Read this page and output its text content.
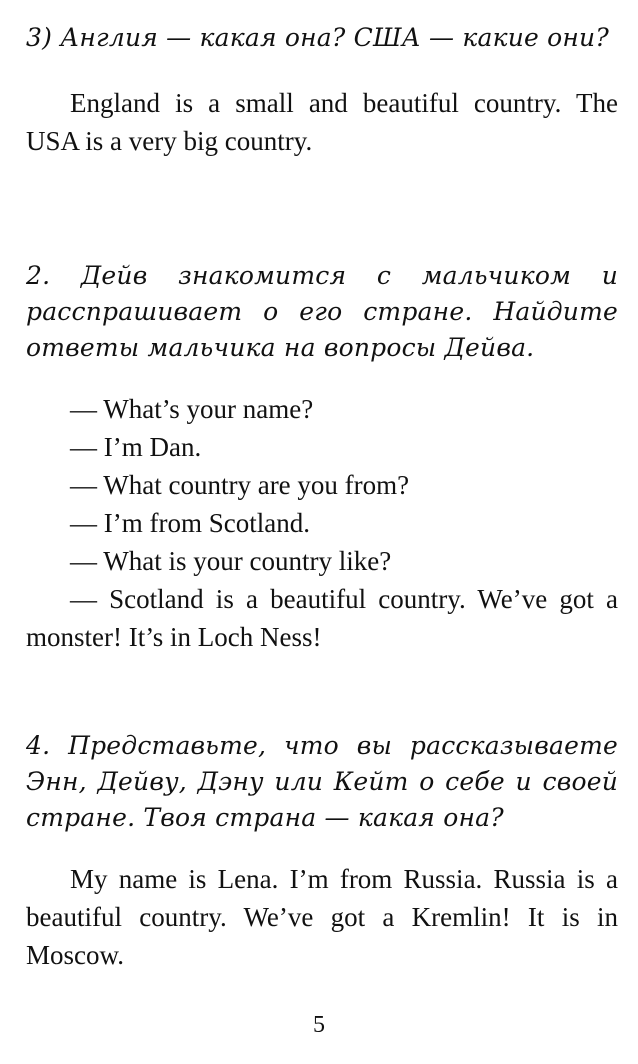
3) Англия — какая она? США — какие они?
England is a small and beautiful country. The USA is a very big country.
2. Дейв знакомится с мальчиком и расспрашивает о его стране. Найдите ответы мальчика на вопросы Дейва.
— What’s your name?
— I’m Dan.
— What country are you from?
— I’m from Scotland.
— What is your country like?
— Scotland is a beautiful country. We’ve got a monster! It’s in Loch Ness!
4. Представьте, что вы рассказываете Энн, Дейву, Дэну или Кейт о себе и своей стране. Твоя страна — какая она?
My name is Lena. I’m from Russia. Russia is a beautiful country. We’ve got a Kremlin! It is in Moscow.
5
